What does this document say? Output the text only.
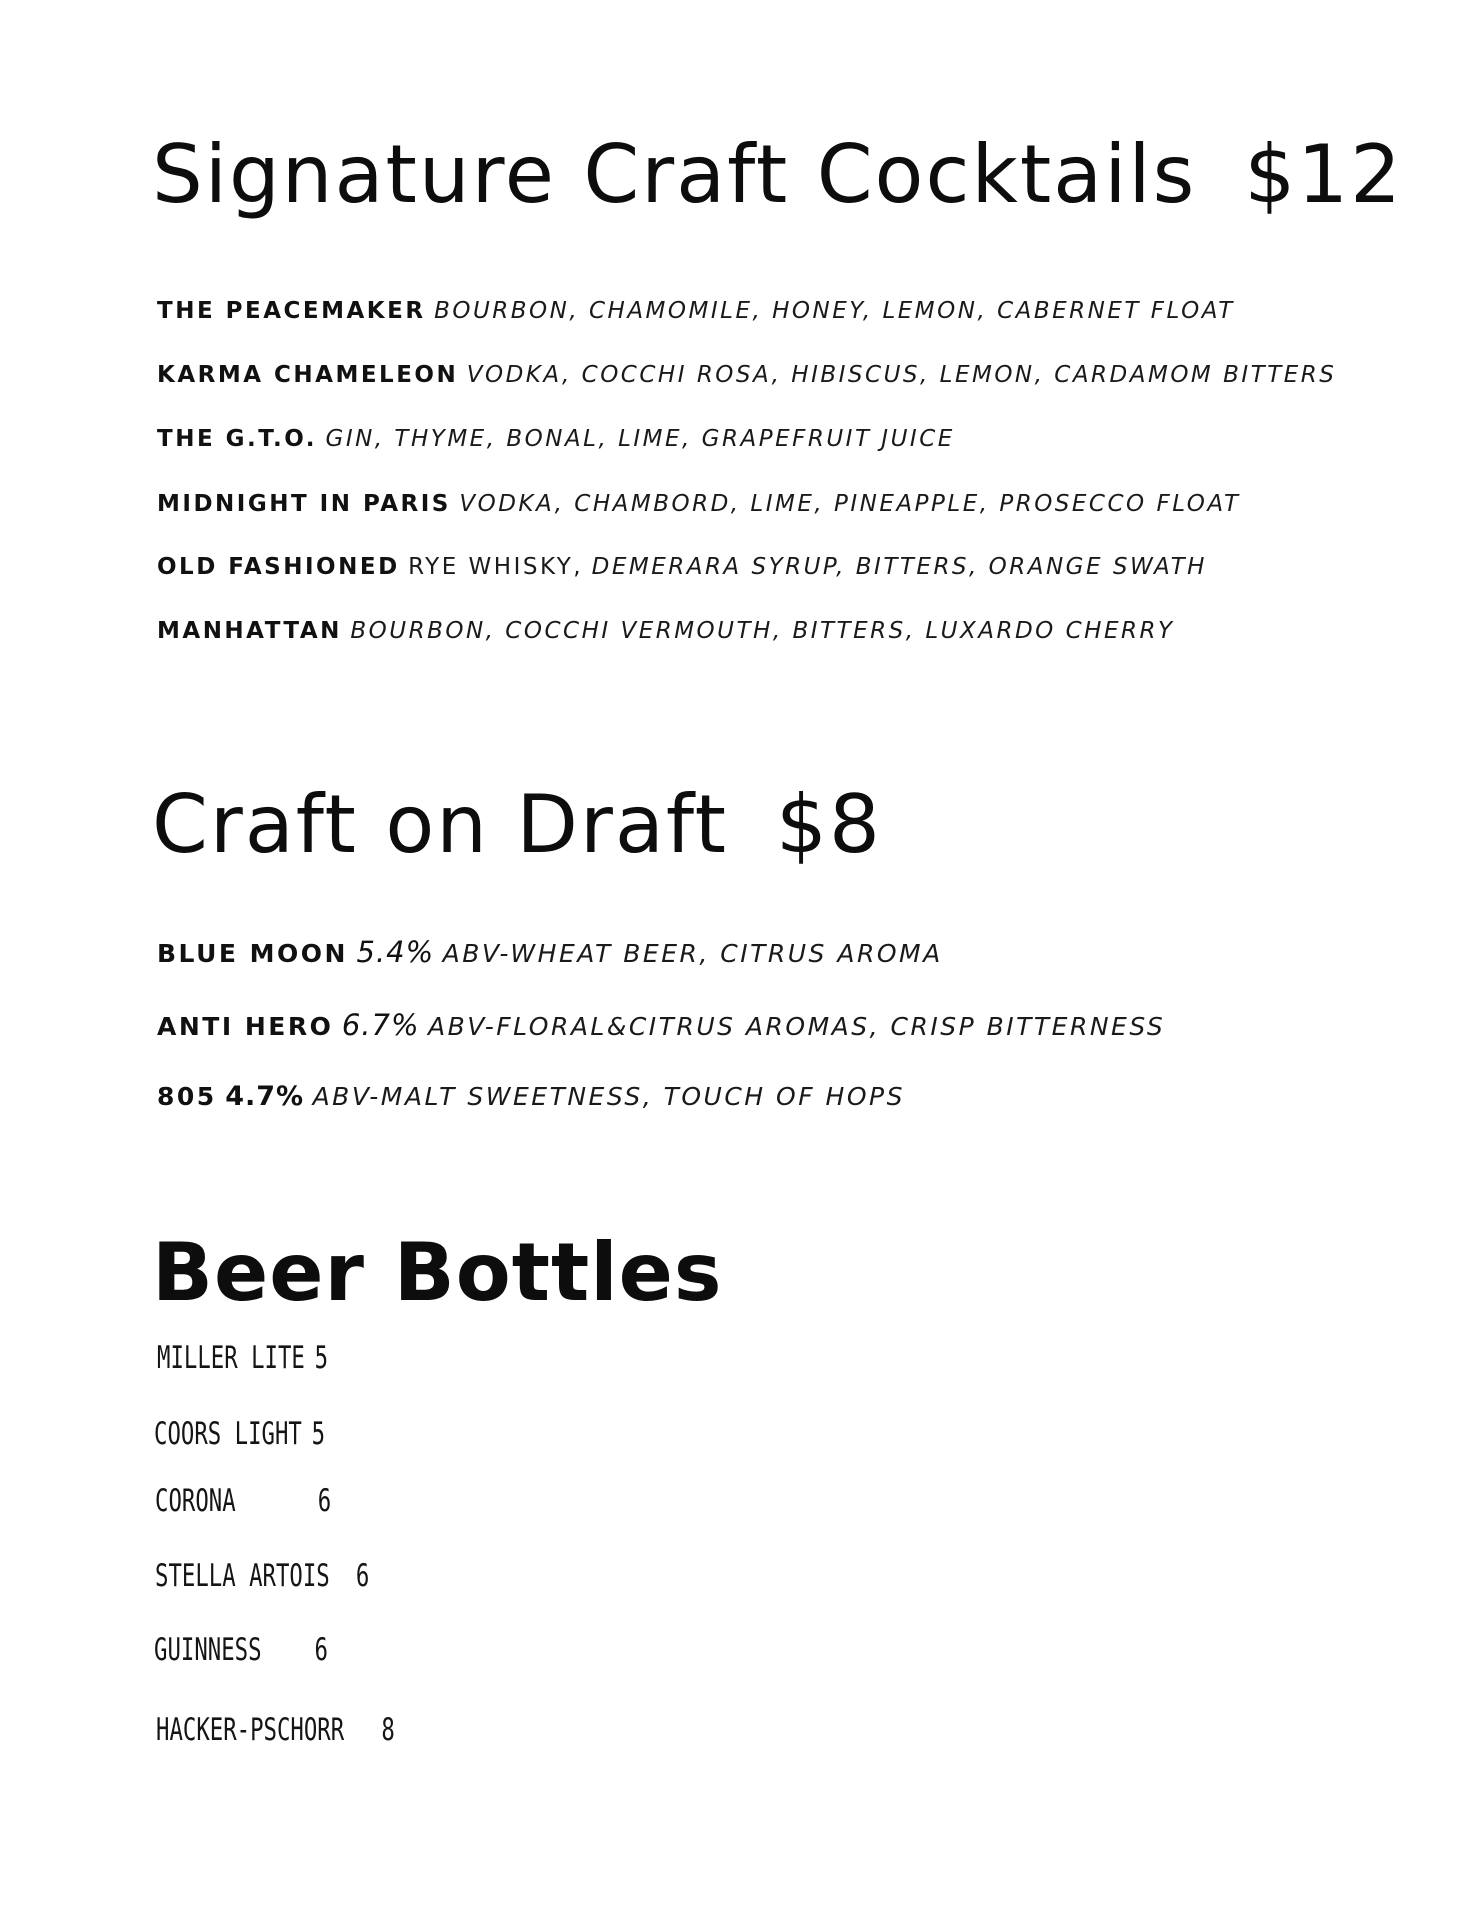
Signature Craft Cocktails $12
THE PEACEMAKER BOURBON, CHAMOMILE, HONEY, LEMON, CABERNET FLOAT
KARMA CHAMELEON VODKA, COCCHI ROSA, HIBISCUS, LEMON, CARDAMOM BITTERS
THE G.T.O. GIN, THYME, BONAL, LIME, GRAPEFRUIT JUICE
MIDNIGHT IN PARIS VODKA, CHAMBORD, LIME, PINEAPPLE, PROSECCO FLOAT
OLD FASHIONED RYE WHISKY, DEMERARA SYRUP, BITTERS, ORANGE SWATH
MANHATTAN BOURBON, COCCHI VERMOUTH, BITTERS, LUXARDO CHERRY
Craft on Draft $8
BLUE MOON 5.4% ABV-WHEAT BEER, CITRUS AROMA
ANTI HERO 6.7% ABV-FLORAL&CITRUS AROMAS, CRISP BITTERNESS
805 4.7% ABV-MALT SWEETNESS, TOUCH OF HOPS
Beer Bottles
MILLER LITE 5
COORS LIGHT 5
CORONA	6
STELLA ARTOIS 6
GUINNESS 6
HACKER-PSCHORR 8
